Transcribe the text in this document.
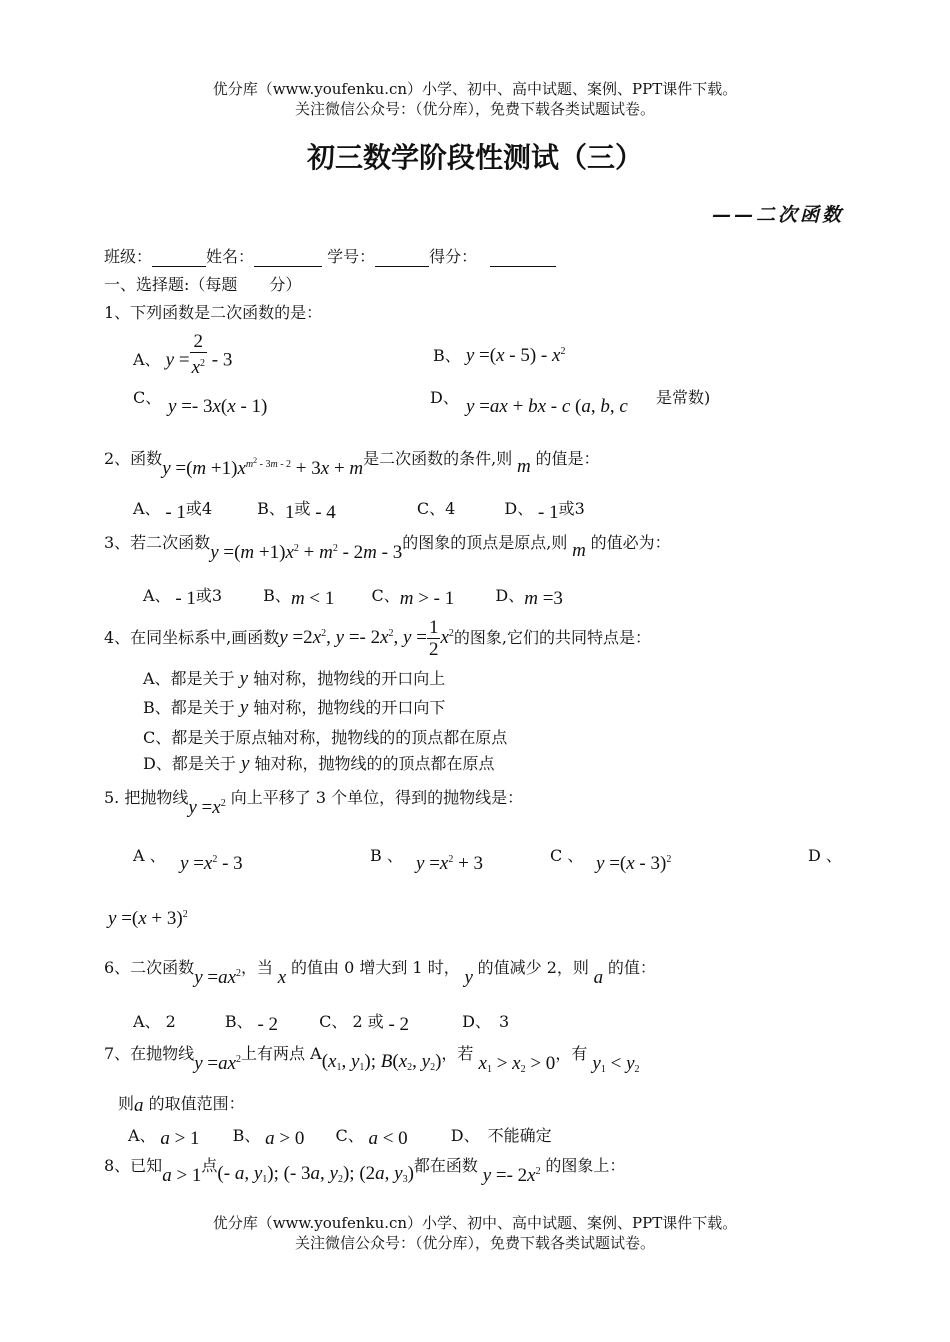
优分库（www.youfenku.cn）小学、初中、高中试题、案例、PPT课件下载。
关注微信公众号：（优分库），免费下载各类试题试卷。
初三数学阶段性测试（三）
——二次函数
班级：	姓名：	学号：	得分：　
一、选择题:（每题　　分）
1、下列函数是二次函数的是：
A、 $y = \frac{2}{x^2} - 3$	B、 $y =(x - 5) - x^2$
C、 y =- 3x(x - 1)	D、 y =ax + bx - c (a, b, c 是常数)
2、函数$y =(m +1)x^{m^2 - 3m - 2} + 3x + m$是二次函数的条件,则 m 的值是：
A、 - 1或4	B、1或 - 4	C、4	D、 - 1或3
3、若二次函数$y =(m +1)x^2 + m^2 - 2m - 3$的图象的顶点是原点,则 m 的值必为：
A、 - 1或3	B、m < 1 C、m > - 1	D、m =3
4、在同坐标系中,画函数$y =2x^2$, $y =- 2x^2$, $y = \frac{1}{2} x^2$的图象,它们的共同特点是：
A、都是关于 y 轴对称，抛物线的开口向上
B、都是关于 y 轴对称，抛物线的开口向下
C、都是关于原点轴对称，抛物线的的顶点都在原点
D、都是关于 y 轴对称，抛物线的的顶点都在原点
5. 把抛物线$y =x^2$ 向上平移了 3 个单位，得到的抛物线是：
A 、 $y =x^2 - 3$	B 、 $y =x^2 + 3$	C 、 y =(x - 3)$^2$	D 、
$y =(x + 3)^2$
6、二次函数$y =ax^2$，当 x 的值由 0 增大到 1 时， y 的值减少 2，则 a 的值：
A、 2	B、 - 2	C、 2 或 - 2	D、　3
7、在抛物线$y =ax^2$上有两点 $A(x_1$, $y_1$); $B(x_2$, $y_2$)，若 $x_1 > x_2 > 0$，有 $y_1 < y_2$
则a 的取值范围：
A、 a > 1 B、 a > 0 C、 a < 0	D、　不能确定
8、已知a > 1点(- a, $y_1$); (- 3a, $y_2$); (2a, $y_3$)都在函数 $y =- 2x^2$ 的图象上：
优分库（www.youfenku.cn）小学、初中、高中试题、案例、PPT课件下载。
关注微信公众号：（优分库），免费下载各类试题试卷。
